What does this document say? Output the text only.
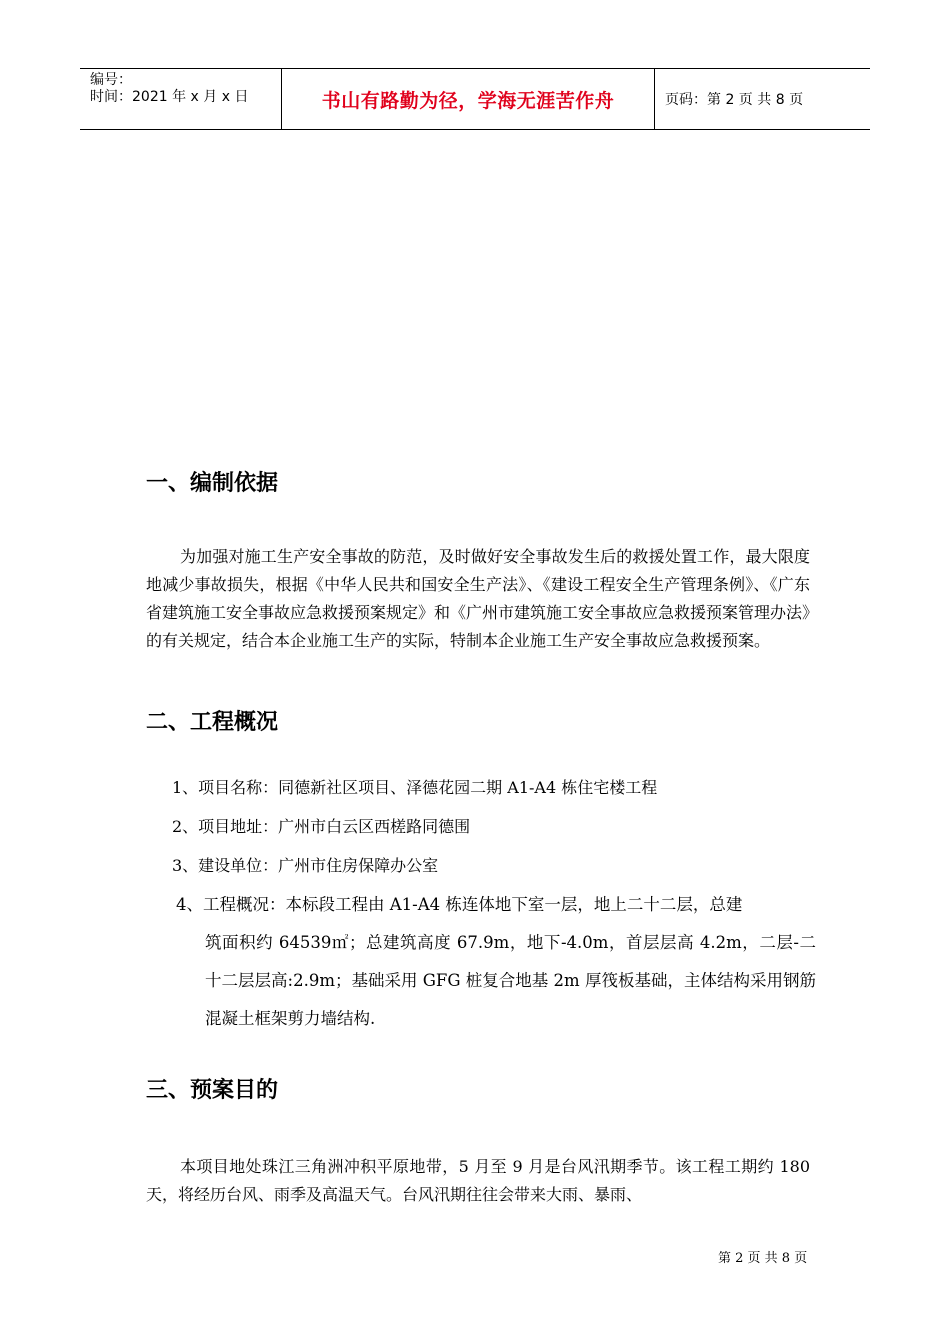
编号：
时间：2021 年 x 月 x 日	书山有路勤为径，学海无涯苦作舟	页码：第 2 页 共 8 页
一、编制依据

为加强对施工生产安全事故的防范，及时做好安全事故发生后的救援处置工作，最大限度地减少事故损失，根据《中华人民共和国安全生产法》、《建设工程安全生产管理条例》、《广东省建筑施工安全事故应急救援预案规定》和《广州市建筑施工安全事故应急救援预案管理办法》的有关规定，结合本企业施工生产的实际，特制本企业施工生产安全事故应急救援预案。

二、工程概况

1、项目名称：同德新社区项目、泽德花园二期 A1-A4 栋住宅楼工程

2、项目地址：广州市白云区西槎路同德围

3、建设单位：广州市住房保障办公室

4、工程概况：本标段工程由 A1-A4 栋连体地下室一层，地上二十二层，总建
筑面积约 64539㎡；总建筑高度 67.9m，地下-4.0m，首层层高 4.2m，二层-二十二层层高:2.9m；基础采用 GFG 桩复合地基 2m 厚筏板基础，主体结构采用钢筋混凝土框架剪力墙结构.
三、预案目的

本项目地处珠江三角洲冲积平原地带，5 月至 9 月是台风汛期季节。该工程工期约 180 天，将经历台风、雨季及高温天气。台风汛期往往会带来大雨、暴雨、

第 2 页 共 8 页
